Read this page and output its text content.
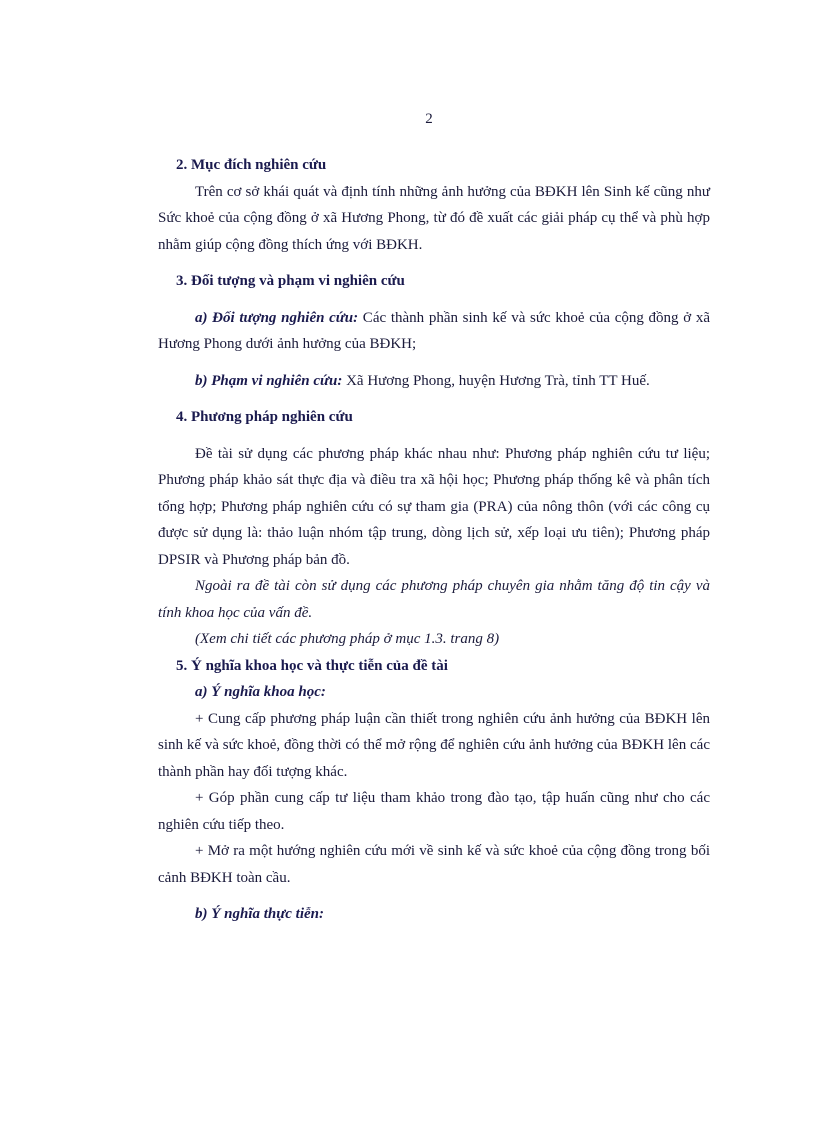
2

2. Mục đích nghiên cứu

Trên cơ sở khái quát và định tính những ảnh hưởng của BĐKH lên Sinh kế cũng như Sức khoẻ của cộng đồng ở xã Hương Phong, từ đó đề xuất các giải pháp cụ thể và phù hợp nhằm giúp cộng đồng thích ứng với BĐKH.

3. Đối tượng và phạm vi nghiên cứu

a) Đối tượng nghiên cứu: Các thành phần sinh kế và sức khoẻ của cộng đồng ở xã Hương Phong dưới ảnh hưởng của BĐKH;

b) Phạm vi nghiên cứu: Xã Hương Phong, huyện Hương Trà, tỉnh TT Huế.

4. Phương pháp nghiên cứu

Đề tài sử dụng các phương pháp khác nhau như: Phương pháp nghiên cứu tư liệu; Phương pháp khảo sát thực địa và điều tra xã hội học; Phương pháp thống kê và phân tích tổng hợp; Phương pháp nghiên cứu có sự tham gia (PRA) của nông thôn (với các công cụ được sử dụng là: thảo luận nhóm tập trung, dòng lịch sử, xếp loại ưu tiên); Phương pháp DPSIR và Phương pháp bản đồ.

Ngoài ra đề tài còn sử dụng các phương pháp chuyên gia nhằm tăng độ tin cậy và tính khoa học của vấn đề.

(Xem chi tiết các phương pháp ở mục 1.3. trang 8)

5. Ý nghĩa khoa học và thực tiễn của đề tài

a) Ý nghĩa khoa học:

+ Cung cấp phương pháp luận cần thiết trong nghiên cứu ảnh hưởng của BĐKH lên sinh kế và sức khoẻ, đồng thời có thể mở rộng để nghiên cứu ảnh hưởng của BĐKH lên các thành phần hay đối tượng khác.

+ Góp phần cung cấp tư liệu tham khảo trong đào tạo, tập huấn cũng như cho các nghiên cứu tiếp theo.

+ Mở ra một hướng nghiên cứu mới về sinh kế và sức khoẻ của cộng đồng trong bối cảnh BĐKH toàn cầu.

b) Ý nghĩa thực tiễn:
